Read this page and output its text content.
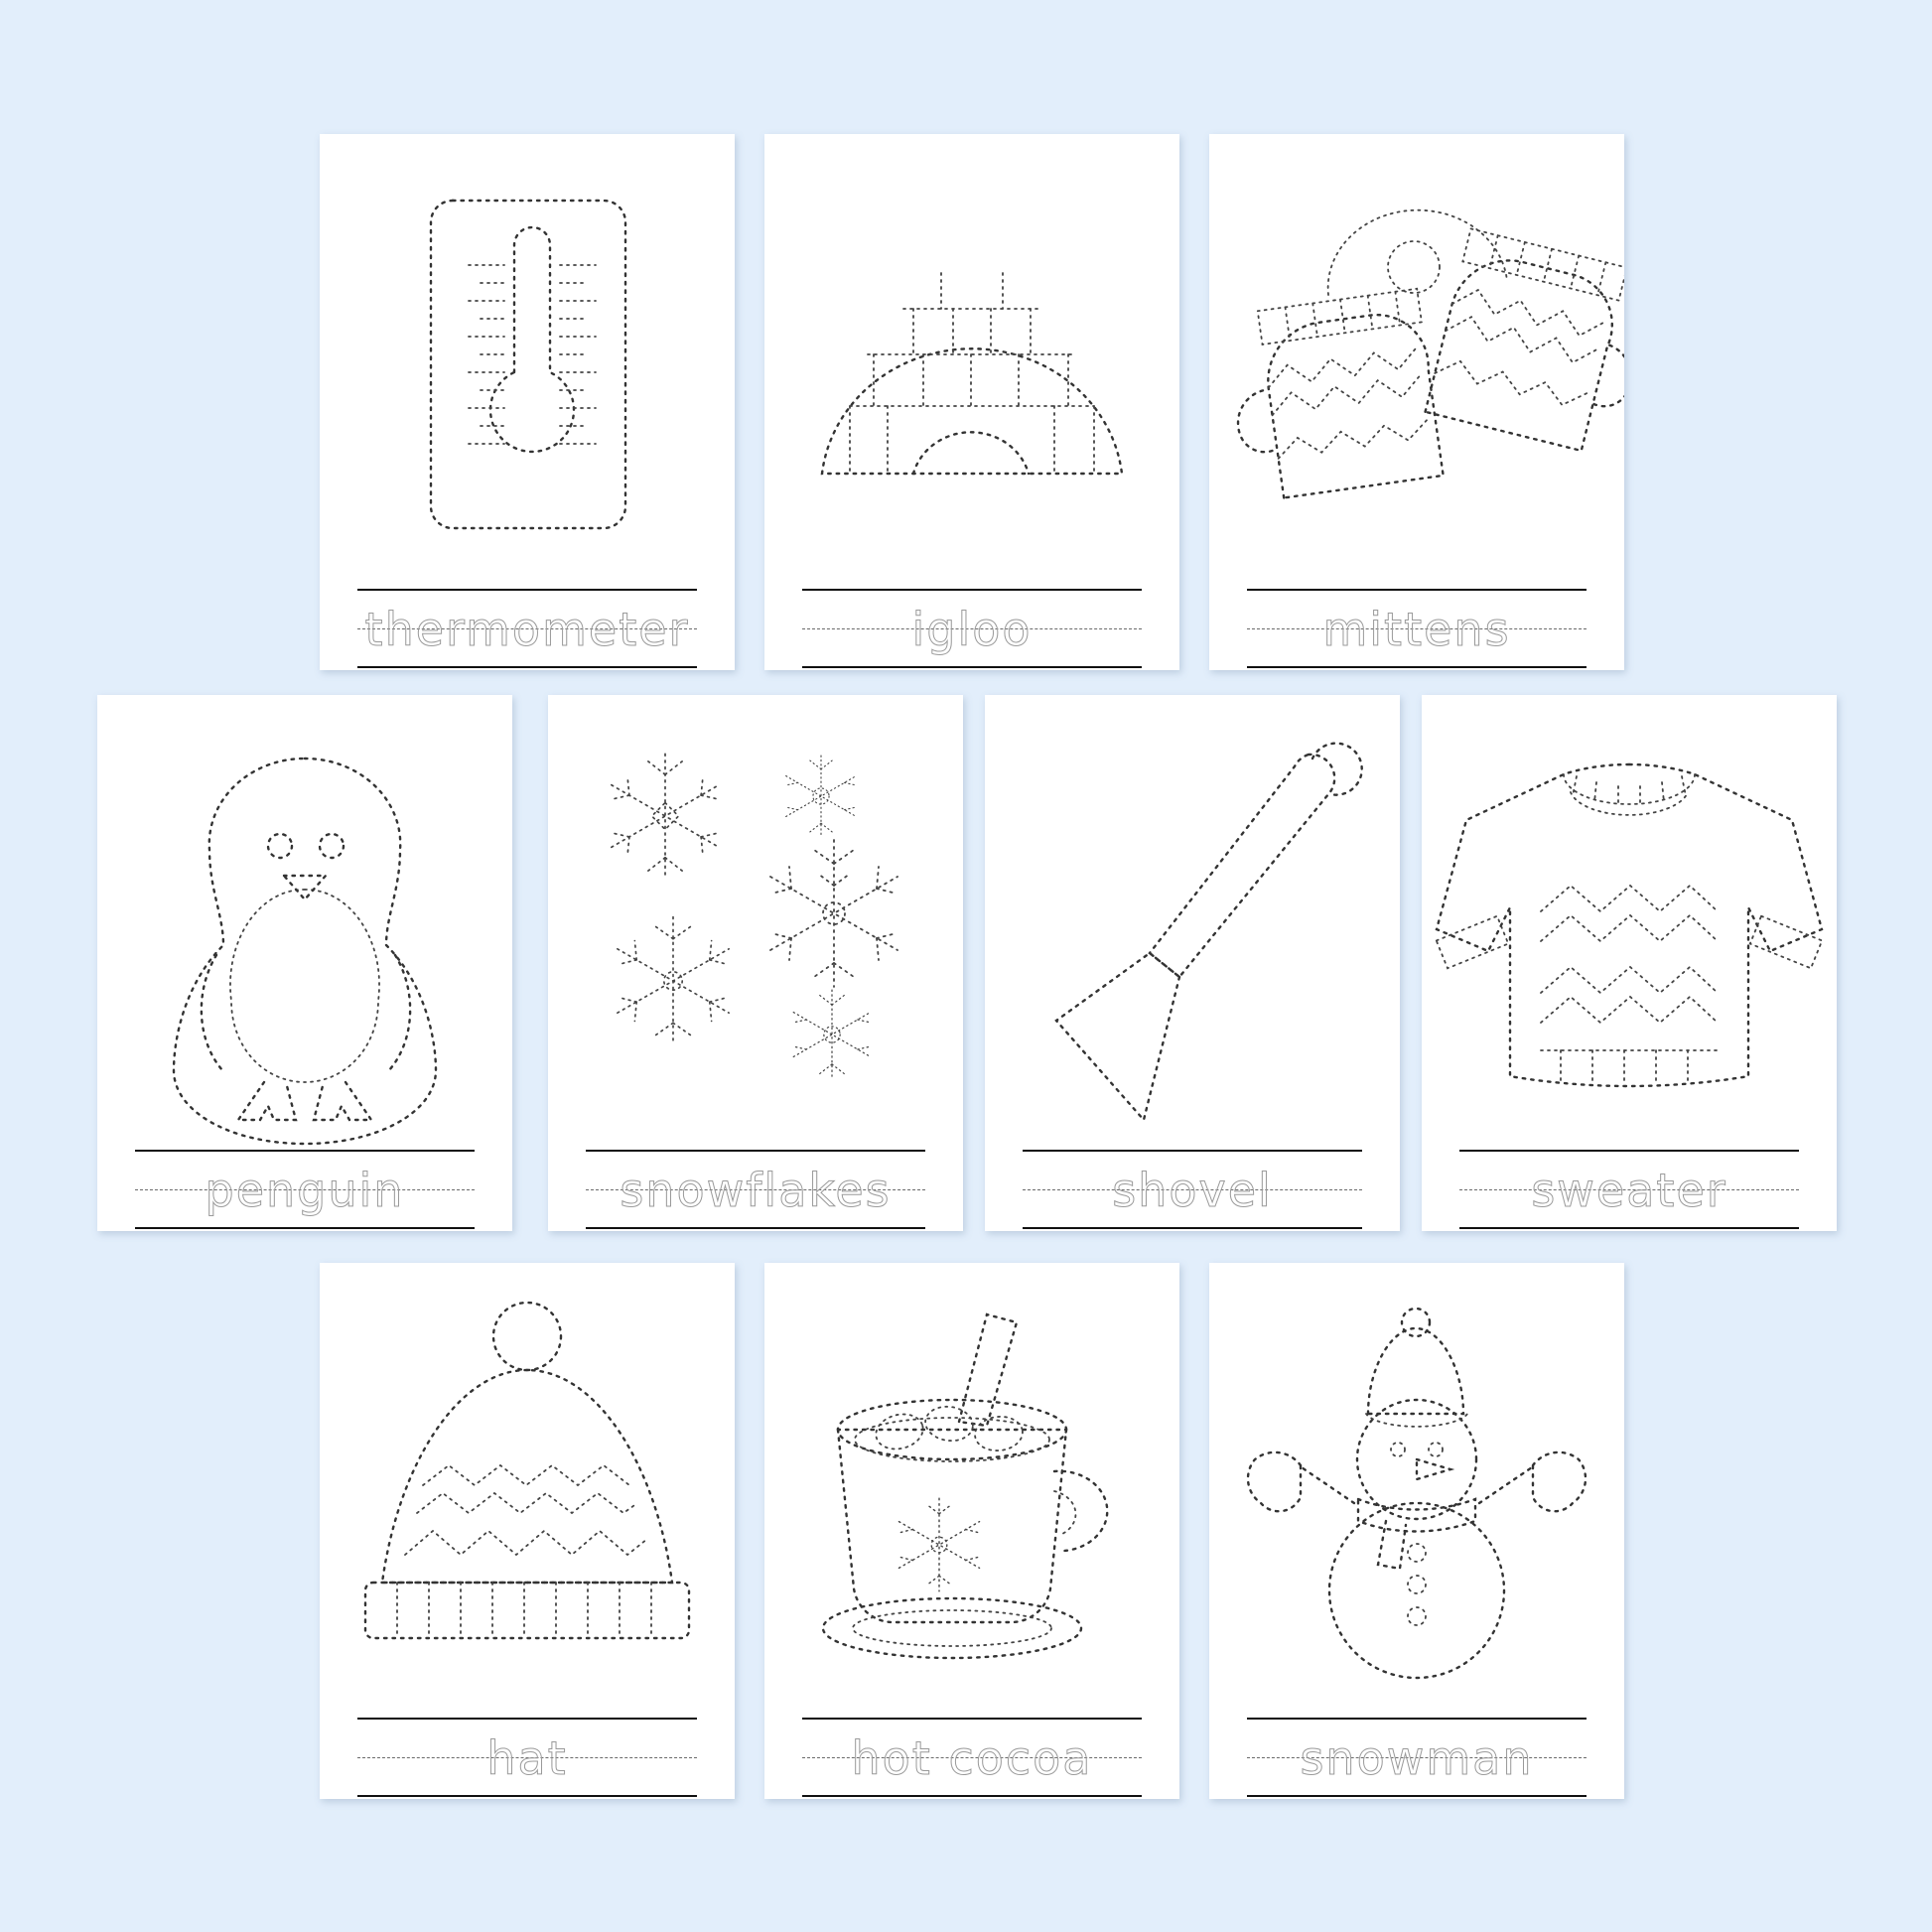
thermometer	igloo	mittens
penguin	snowflakes	shovel	sweater
hat	hot cocoa	snowman
